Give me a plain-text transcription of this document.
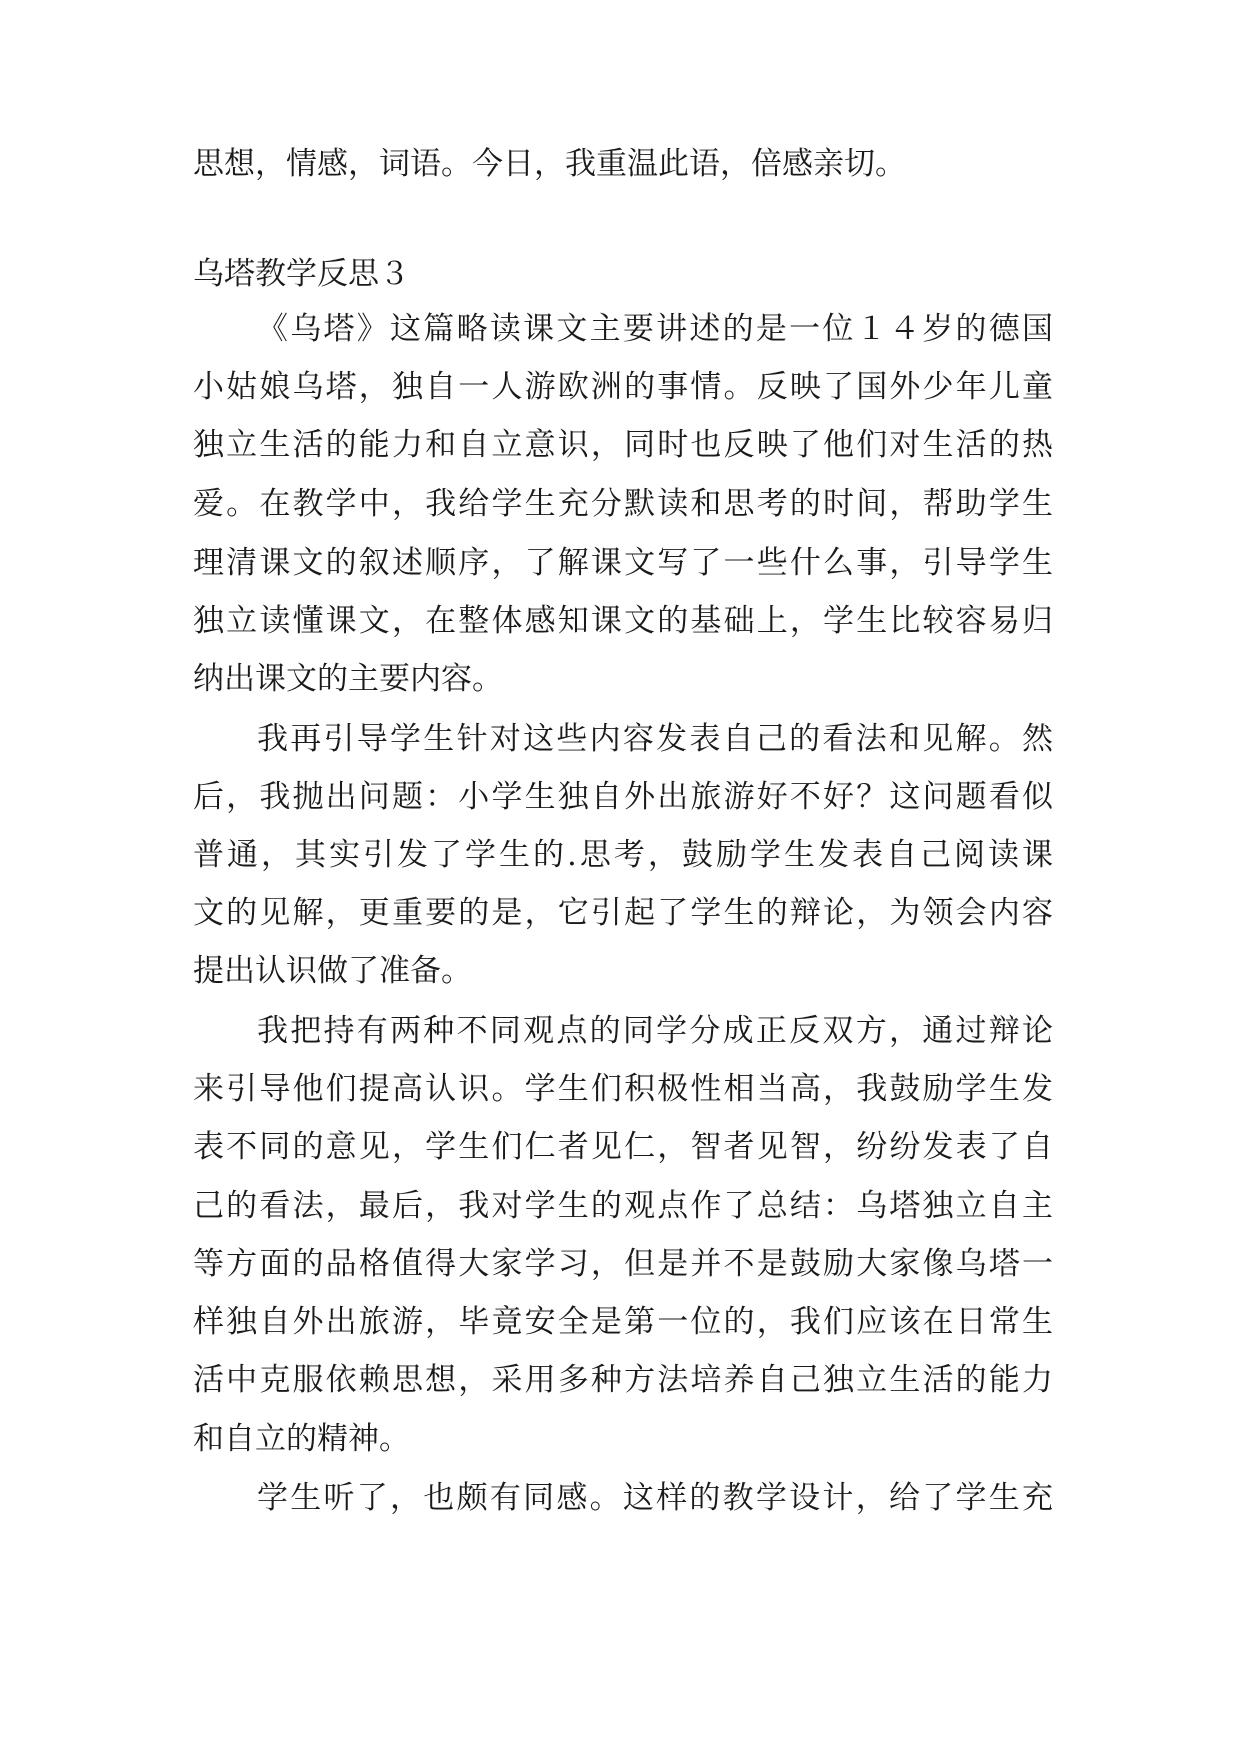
思想，情感，词语。今日，我重温此语，倍感亲切。
乌塔教学反思３
《乌塔》这篇略读课文主要讲述的是一位１４岁的德国
小姑娘乌塔，独自一人游欧洲的事情。反映了国外少年儿童
独立生活的能力和自立意识，同时也反映了他们对生活的热
爱。在教学中，我给学生充分默读和思考的时间，帮助学生
理清课文的叙述顺序，了解课文写了一些什么事，引导学生
独立读懂课文，在整体感知课文的基础上，学生比较容易归
纳出课文的主要内容。
我再引导学生针对这些内容发表自己的看法和见解。然
后，我抛出问题：小学生独自外出旅游好不好？这问题看似
普通，其实引发了学生的.思考，鼓励学生发表自己阅读课
文的见解，更重要的是，它引起了学生的辩论，为领会内容
提出认识做了准备。
我把持有两种不同观点的同学分成正反双方，通过辩论
来引导他们提高认识。学生们积极性相当高，我鼓励学生发
表不同的意见，学生们仁者见仁，智者见智，纷纷发表了自
己的看法，最后，我对学生的观点作了总结：乌塔独立自主
等方面的品格值得大家学习，但是并不是鼓励大家像乌塔一
样独自外出旅游，毕竟安全是第一位的，我们应该在日常生
活中克服依赖思想，采用多种方法培养自己独立生活的能力
和自立的精神。
学生听了，也颇有同感。这样的教学设计，给了学生充
